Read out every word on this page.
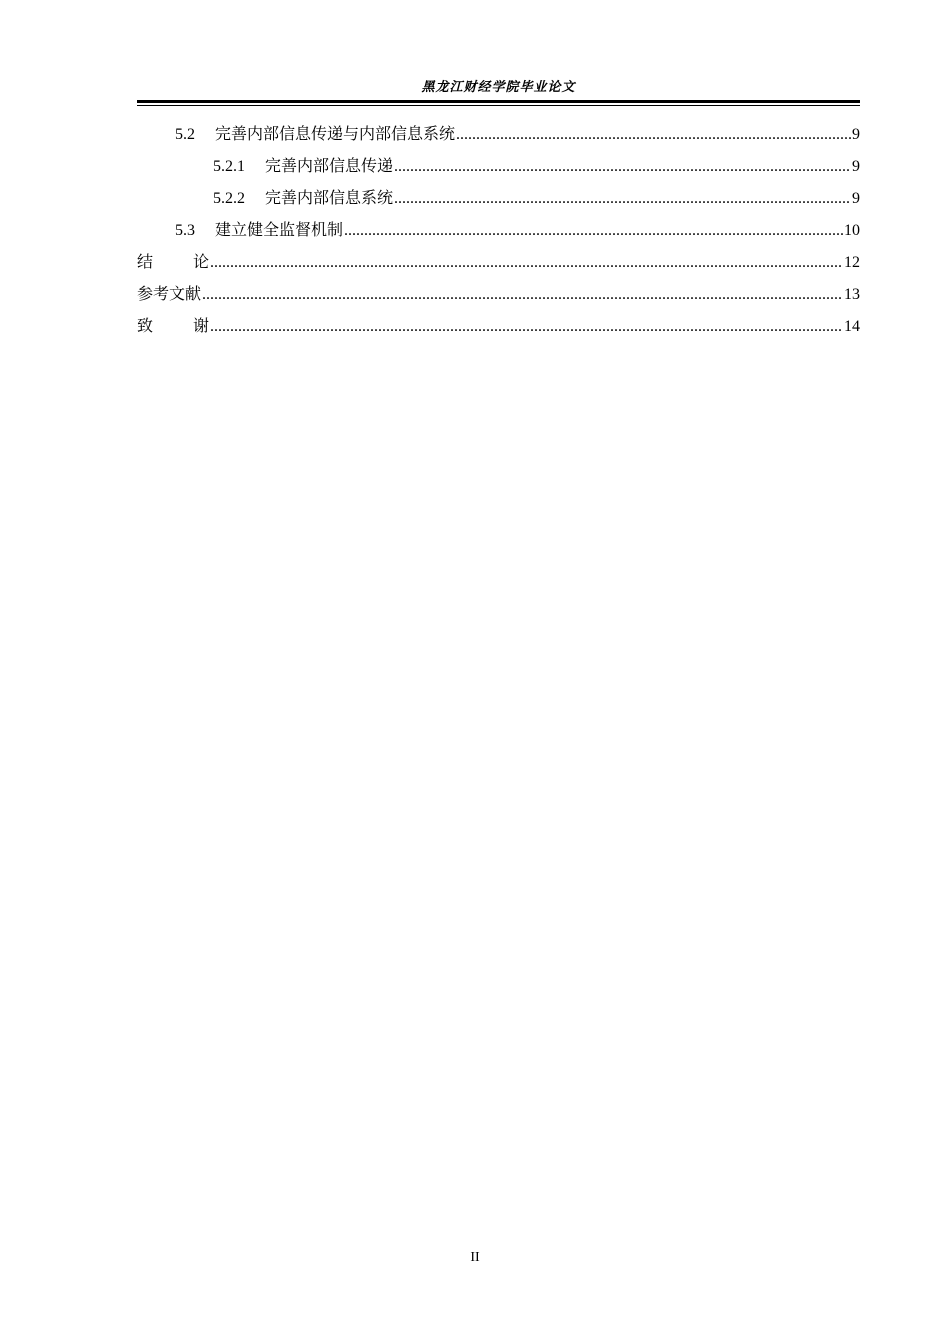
黑龙江财经学院毕业论文
5.2 完善内部信息传递与内部信息系统 .....	9
5.2.1 完善内部信息传递 .....	9
5.2.2 完善内部信息系统 .....	9
5.3 建立健全监督机制 .....	10
结 论 .....	12
参考文献 .....	13
致 谢 .....	14
II
